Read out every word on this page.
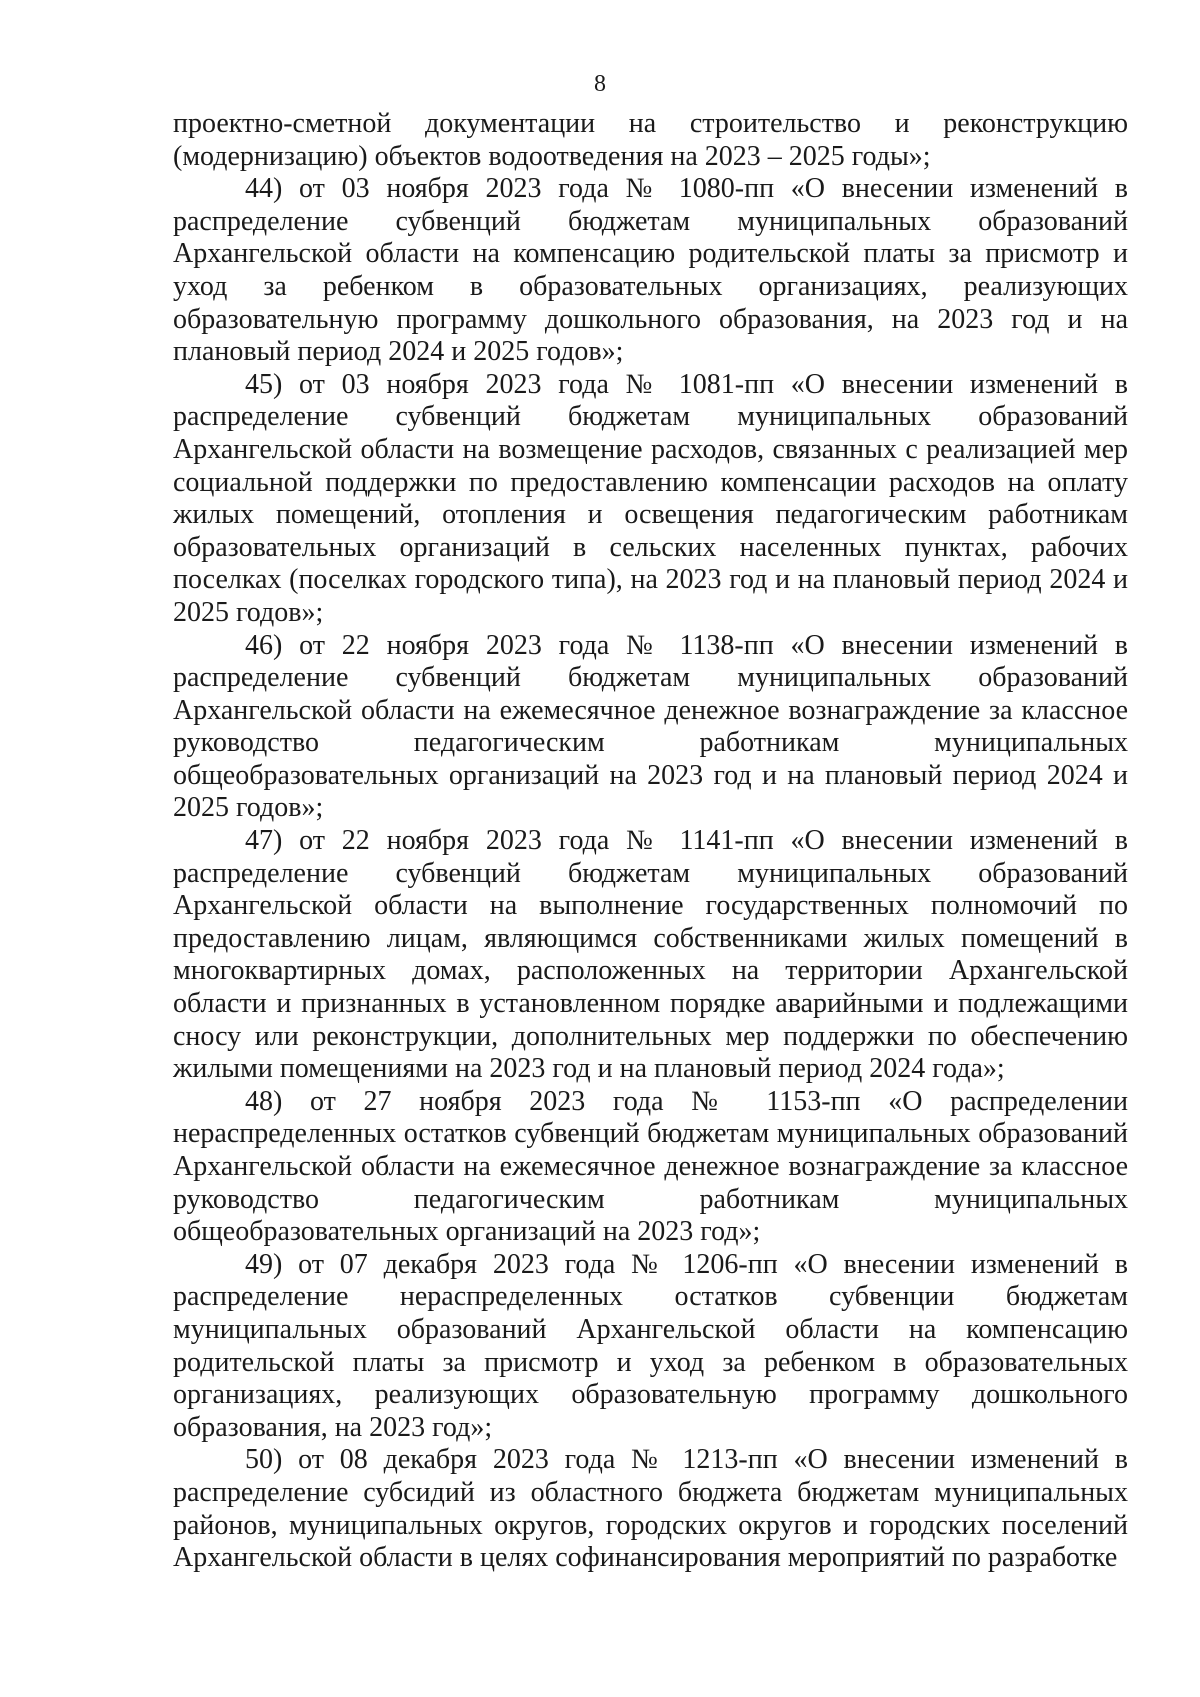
8

проектно-сметной документации на строительство и реконструкцию (модернизацию) объектов водоотведения на 2023 – 2025 годы»;

44) от 03 ноября 2023 года № 1080-пп «О внесении изменений в распределение субвенций бюджетам муниципальных образований Архангельской области на компенсацию родительской платы за присмотр и уход за ребенком в образовательных организациях, реализующих образовательную программу дошкольного образования, на 2023 год и на плановый период 2024 и 2025 годов»;

45) от 03 ноября 2023 года № 1081-пп «О внесении изменений в распределение субвенций бюджетам муниципальных образований Архангельской области на возмещение расходов, связанных с реализацией мер социальной поддержки по предоставлению компенсации расходов на оплату жилых помещений, отопления и освещения педагогическим работникам образовательных организаций в сельских населенных пунктах, рабочих поселках (поселках городского типа), на 2023 год и на плановый период 2024 и 2025 годов»;

46) от 22 ноября 2023 года № 1138-пп «О внесении изменений в распределение субвенций бюджетам муниципальных образований Архангельской области на ежемесячное денежное вознаграждение за классное руководство педагогическим работникам муниципальных общеобразовательных организаций на 2023 год и на плановый период 2024 и 2025 годов»;

47) от 22 ноября 2023 года № 1141-пп «О внесении изменений в распределение субвенций бюджетам муниципальных образований Архангельской области на выполнение государственных полномочий по предоставлению лицам, являющимся собственниками жилых помещений в многоквартирных домах, расположенных на территории Архангельской области и признанных в установленном порядке аварийными и подлежащими сносу или реконструкции, дополнительных мер поддержки по обеспечению жилыми помещениями на 2023 год и на плановый период 2024 года»;

48) от 27 ноября 2023 года № 1153-пп «О распределении нераспределенных остатков субвенций бюджетам муниципальных образований Архангельской области на ежемесячное денежное вознаграждение за классное руководство педагогическим работникам муниципальных общеобразовательных организаций на 2023 год»;

49) от 07 декабря 2023 года № 1206-пп «О внесении изменений в распределение нераспределенных остатков субвенции бюджетам муниципальных образований Архангельской области на компенсацию родительской платы за присмотр и уход за ребенком в образовательных организациях, реализующих образовательную программу дошкольного образования, на 2023 год»;

50) от 08 декабря 2023 года № 1213-пп «О внесении изменений в распределение субсидий из областного бюджета бюджетам муниципальных районов, муниципальных округов, городских округов и городских поселений Архангельской области в целях софинансирования мероприятий по разработке
